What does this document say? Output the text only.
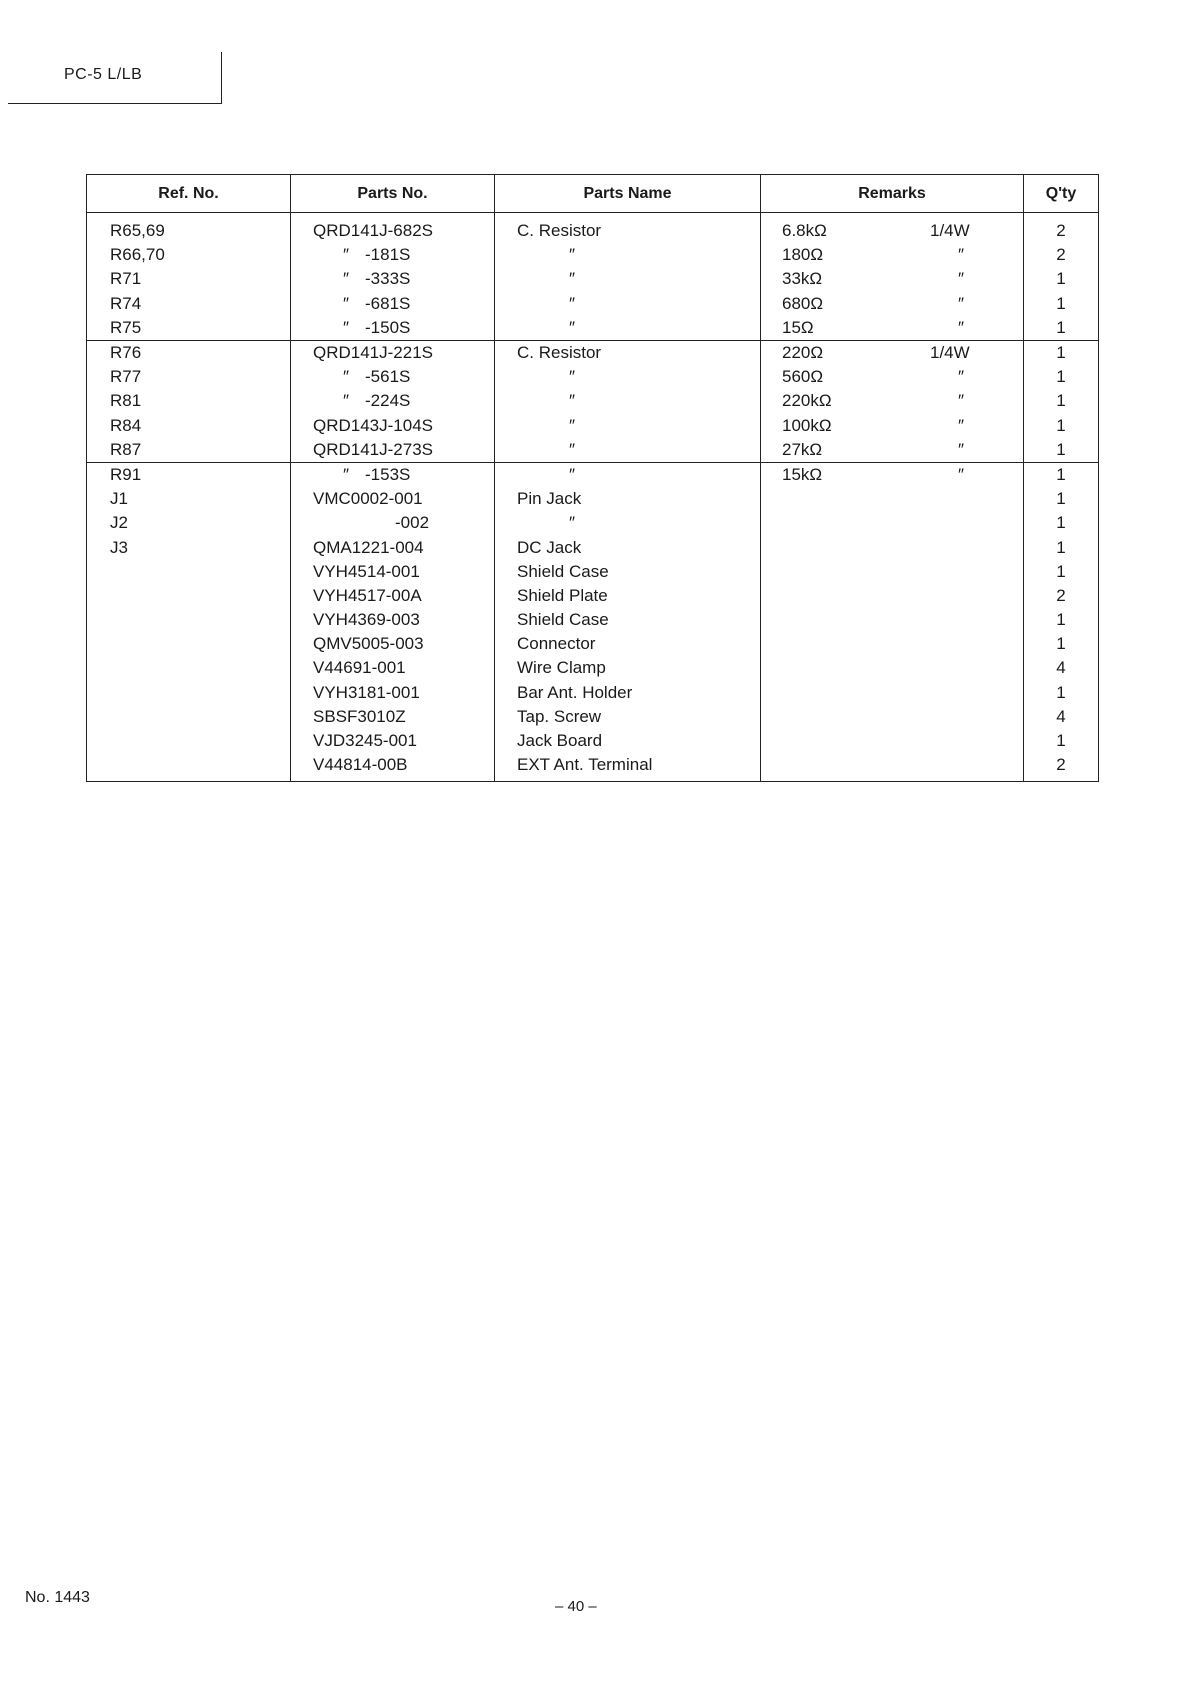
PC-5 L/LB
Ref. No.	Parts No.	Parts Name	Remarks	Q'ty
R65,69	QRD141J-682S	C. Resistor	6.8kΩ 1/4W	2
R66,70	″ -181S	″	180Ω ″	2
R71	″ -333S	″	33kΩ ″	1
R74	″ -681S	″	680Ω ″	1
R75	″ -150S	″	15Ω ″	1
R76	QRD141J-221S	C. Resistor	220Ω 1/4W	1
R77	″ -561S	″	560Ω ″	1
R81	″ -224S	″	220kΩ ″	1
R84	QRD143J-104S	″	100kΩ ″	1
R87	QRD141J-273S	″	27kΩ ″	1
R91	″ -153S	″	15kΩ ″	1
J1	VMC0002-001	Pin Jack		1
J2	-002	″		1
J3	QMA1221-004	DC Jack		1
	VYH4514-001	Shield Case		1
	VYH4517-00A	Shield Plate		2
	VYH4369-003	Shield Case		1
	QMV5005-003	Connector		1
	V44691-001	Wire Clamp		4
	VYH3181-001	Bar Ant. Holder		1
	SBSF3010Z	Tap. Screw		4
	VJD3245-001	Jack Board		1
	V44814-00B	EXT Ant. Terminal		2
No. 1443
– 40 –
